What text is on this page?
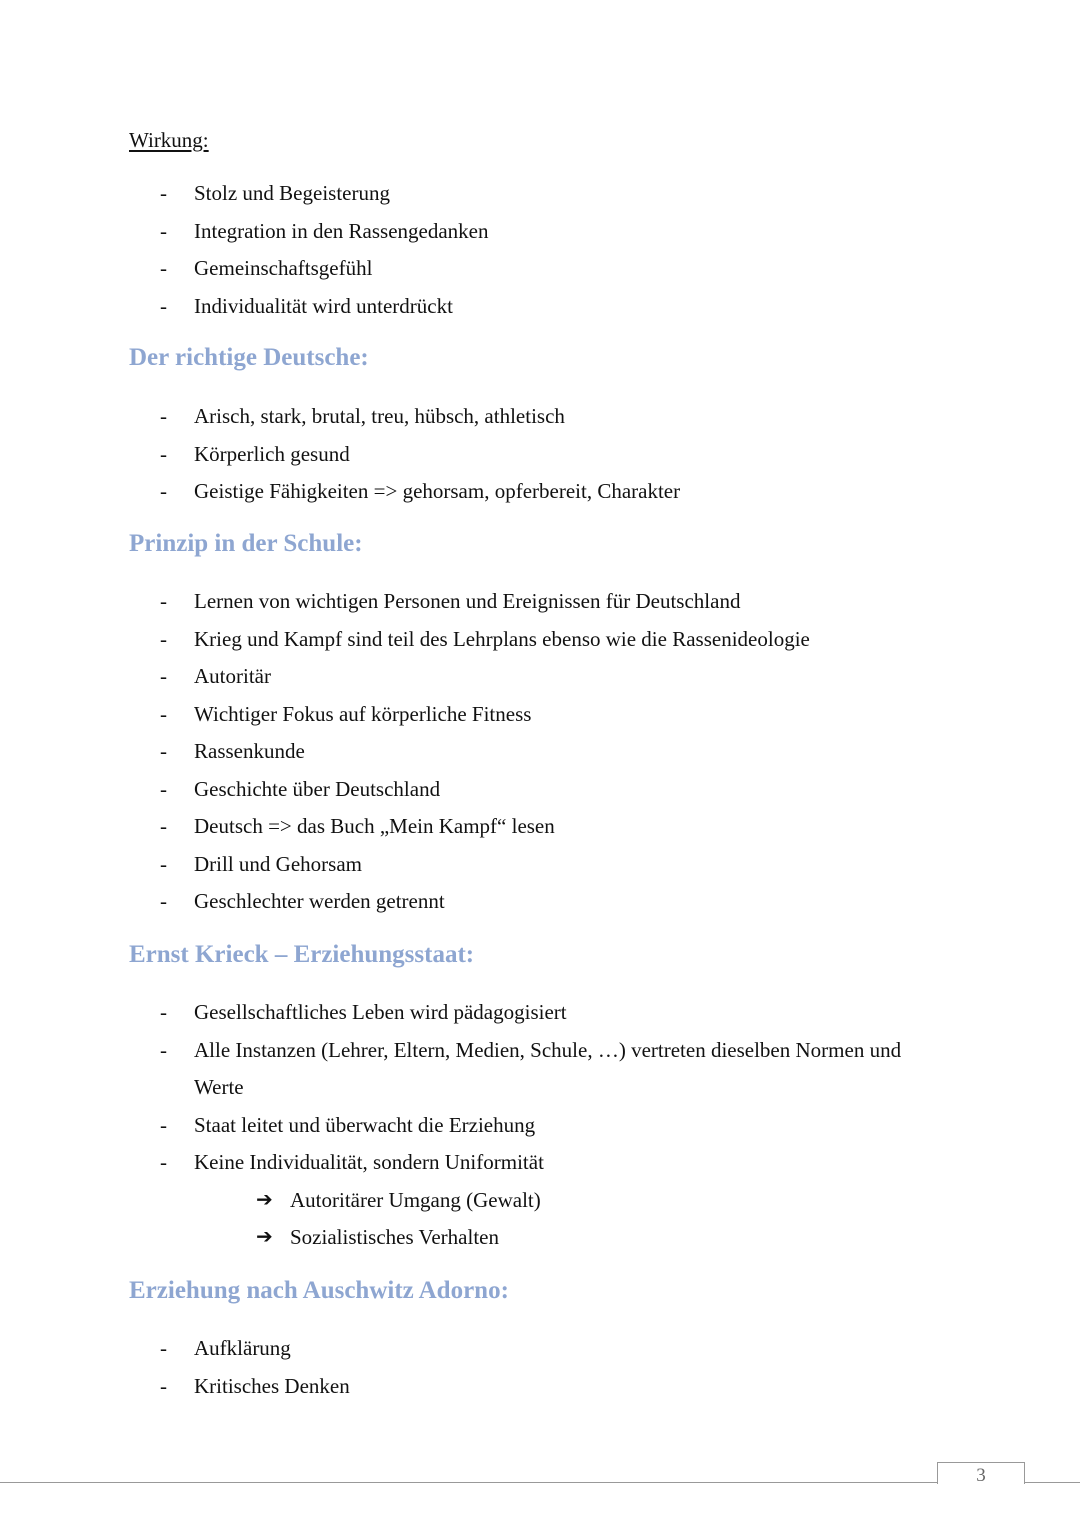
Wirkung:
- Stolz und Begeisterung
- Integration in den Rassengedanken
- Gemeinschaftsgefühl
- Individualität wird unterdrückt
Der richtige Deutsche:
- Arisch, stark, brutal, treu, hübsch, athletisch
- Körperlich gesund
- Geistige Fähigkeiten => gehorsam, opferbereit, Charakter
Prinzip in der Schule:
- Lernen von wichtigen Personen und Ereignissen für Deutschland
- Krieg und Kampf sind teil des Lehrplans ebenso wie die Rassenideologie
- Autoritär
- Wichtiger Fokus auf körperliche Fitness
- Rassenkunde
- Geschichte über Deutschland
- Deutsch => das Buch „Mein Kampf“ lesen
- Drill und Gehorsam
- Geschlechter werden getrennt
Ernst Krieck – Erziehungsstaat:
- Gesellschaftliches Leben wird pädagogisiert
- Alle Instanzen (Lehrer, Eltern, Medien, Schule, …) vertreten dieselben Normen und Werte
- Staat leitet und überwacht die Erziehung
- Keine Individualität, sondern Uniformität
➔ Autoritärer Umgang (Gewalt)
➔ Sozialistisches Verhalten
Erziehung nach Auschwitz Adorno:
- Aufklärung
- Kritisches Denken
3
